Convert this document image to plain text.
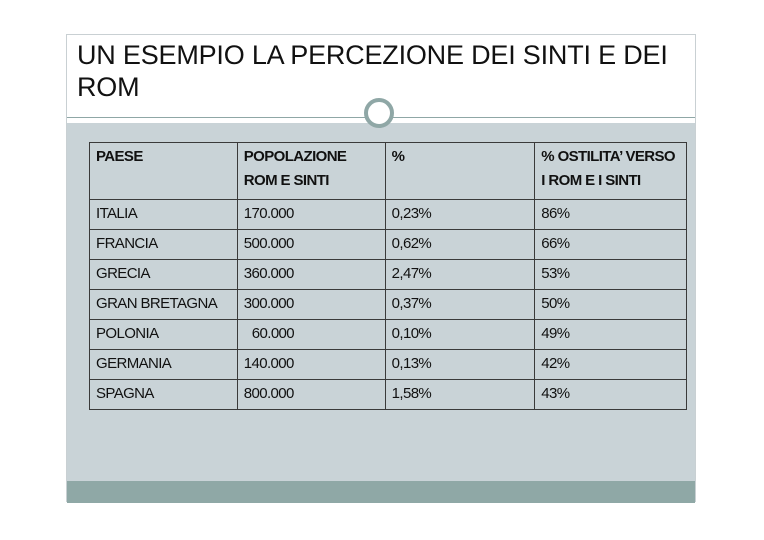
UN ESEMPIO LA PERCEZIONE DEI SINTI E DEI ROM
PAESE	POPOLAZIONE ROM E SINTI	%	% OSTILITA’ VERSO I ROM E I SINTI
ITALIA	170.000	0,23%	86%
FRANCIA	500.000	0,62%	66%
GRECIA	360.000	2,47%	53%
GRAN BRETAGNA	300.000	0,37%	50%
POLONIA	60.000	0,10%	49%
GERMANIA	140.000	0,13%	42%
SPAGNA	800.000	1,58%	43%
